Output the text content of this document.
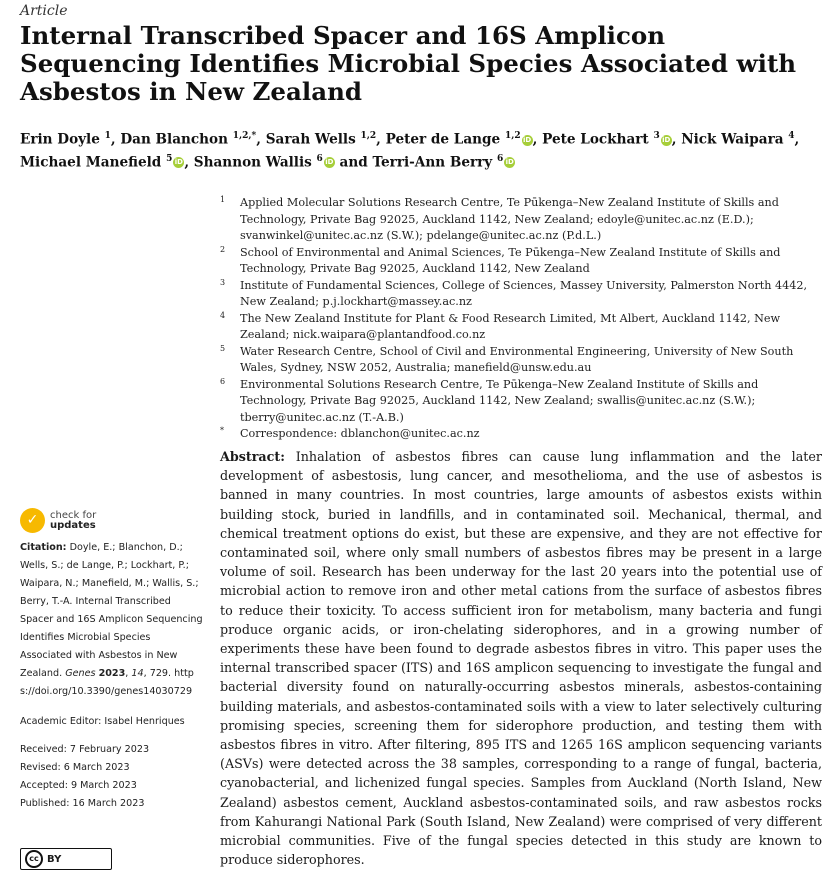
Article
Internal Transcribed Spacer and 16S Amplicon Sequencing Identifies Microbial Species Associated with Asbestos in New Zealand
Erin Doyle $^1$, Dan Blanchon $^{1,2,*}$, Sarah Wells $^{1,2}$, Peter de Lange $^{1,2}$ iD, Pete Lockhart $^3$ iD, Nick Waipara $^4$,
Michael Manefield $^5$ iD, Shannon Wallis $^6$ iD and Terri-Ann Berry $^6$ iD
1 Applied Molecular Solutions Research Centre, Te Pūkenga–New Zealand Institute of Skills and Technology, Private Bag 92025, Auckland 1142, New Zealand; edoyle@unitec.ac.nz (E.D.); svanwinkel@unitec.ac.nz (S.W.); pdelange@unitec.ac.nz (P.d.L.)
2 School of Environmental and Animal Sciences, Te Pūkenga–New Zealand Institute of Skills and Technology, Private Bag 92025, Auckland 1142, New Zealand
3 Institute of Fundamental Sciences, College of Sciences, Massey University, Palmerston North 4442, New Zealand; p.j.lockhart@massey.ac.nz
4 The New Zealand Institute for Plant & Food Research Limited, Mt Albert, Auckland 1142, New Zealand; nick.waipara@plantandfood.co.nz
5 Water Research Centre, School of Civil and Environmental Engineering, University of New South Wales, Sydney, NSW 2052, Australia; manefield@unsw.edu.au
6 Environmental Solutions Research Centre, Te Pūkenga–New Zealand Institute of Skills and Technology, Private Bag 92025, Auckland 1142, New Zealand; swallis@unitec.ac.nz (S.W.); tberry@unitec.ac.nz (T.-A.B.)
* Correspondence: dblanchon@unitec.ac.nz
Abstract: Inhalation of asbestos fibres can cause lung inflammation and the later development of asbestosis, lung cancer, and mesothelioma, and the use of asbestos is banned in many countries. In most countries, large amounts of asbestos exists within building stock, buried in landfills, and in contaminated soil. Mechanical, thermal, and chemical treatment options do exist, but these are expensive, and they are not effective for contaminated soil, where only small numbers of asbestos fibres may be present in a large volume of soil. Research has been underway for the last 20 years into the potential use of microbial action to remove iron and other metal cations from the surface of asbestos fibres to reduce their toxicity. To access sufficient iron for metabolism, many bacteria and fungi produce organic acids, or iron-chelating siderophores, and in a growing number of experiments these have been found to degrade asbestos fibres in vitro. This paper uses the internal transcribed spacer (ITS) and 16S amplicon sequencing to investigate the fungal and bacterial diversity found on naturally-occurring asbestos minerals, asbestos-containing building materials, and asbestos-contaminated soils with a view to later selectively culturing promising species, screening them for siderophore production, and testing them with asbestos fibres in vitro. After filtering, 895 ITS and 1265 16S amplicon sequencing variants (ASVs) were detected across the 38 samples, corresponding to a range of fungal, bacteria, cyanobacterial, and lichenized fungal species. Samples from Auckland (North Island, New Zealand) asbestos cement, Auckland asbestos-contaminated soils, and raw asbestos rocks from Kahurangi National Park (South Island, New Zealand) were comprised of very different microbial communities. Five of the fungal species detected in this study are known to produce siderophores.
✓	check for
updates
Citation: Doyle, E.; Blanchon, D.; Wells, S.; de Lange, P.; Lockhart, P.; Waipara, N.; Manefield, M.; Wallis, S.; Berry, T.-A. Internal Transcribed Spacer and 16S Amplicon Sequencing Identifies Microbial Species Associated with Asbestos in New Zealand. Genes 2023, 14, 729. https://doi.org/10.3390/genes14030729
Academic Editor: Isabel Henriques
Received: 7 February 2023
Revised: 6 March 2023
Accepted: 9 March 2023
Published: 16 March 2023
cc BY
